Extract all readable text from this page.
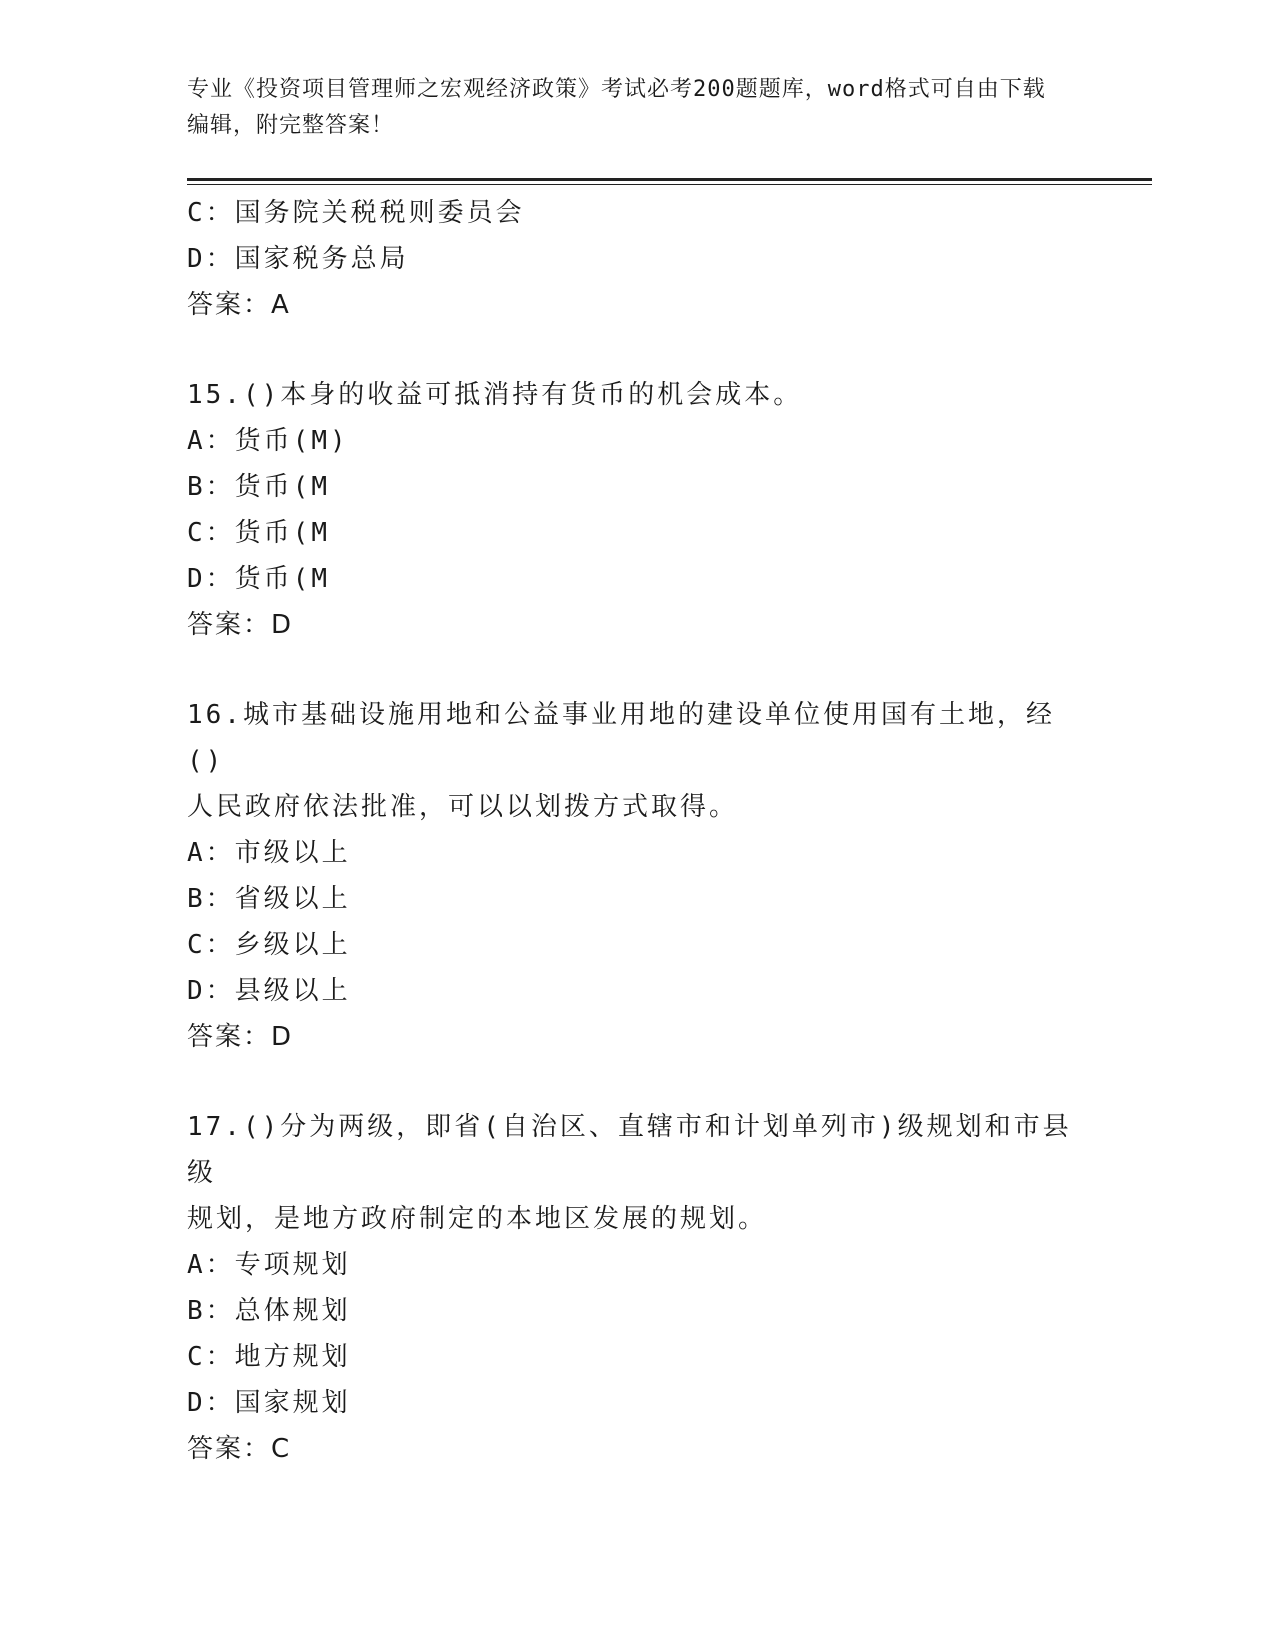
专业《投资项目管理师之宏观经济政策》考试必考200题题库，word格式可自由下载编辑，附完整答案！
C：国务院关税税则委员会
D：国家税务总局
答案：A
15.()本身的收益可抵消持有货币的机会成本。
A：货币(M)
B：货币(M
C：货币(M
D：货币(M
答案：D
16.城市基础设施用地和公益事业用地的建设单位使用国有土地，经()
人民政府依法批准，可以以划拨方式取得。
A：市级以上
B：省级以上
C：乡级以上
D：县级以上
答案：D
17.()分为两级，即省(自治区、直辖市和计划单列市)级规划和市县级
规划，是地方政府制定的本地区发展的规划。
A：专项规划
B：总体规划
C：地方规划
D：国家规划
答案：C
